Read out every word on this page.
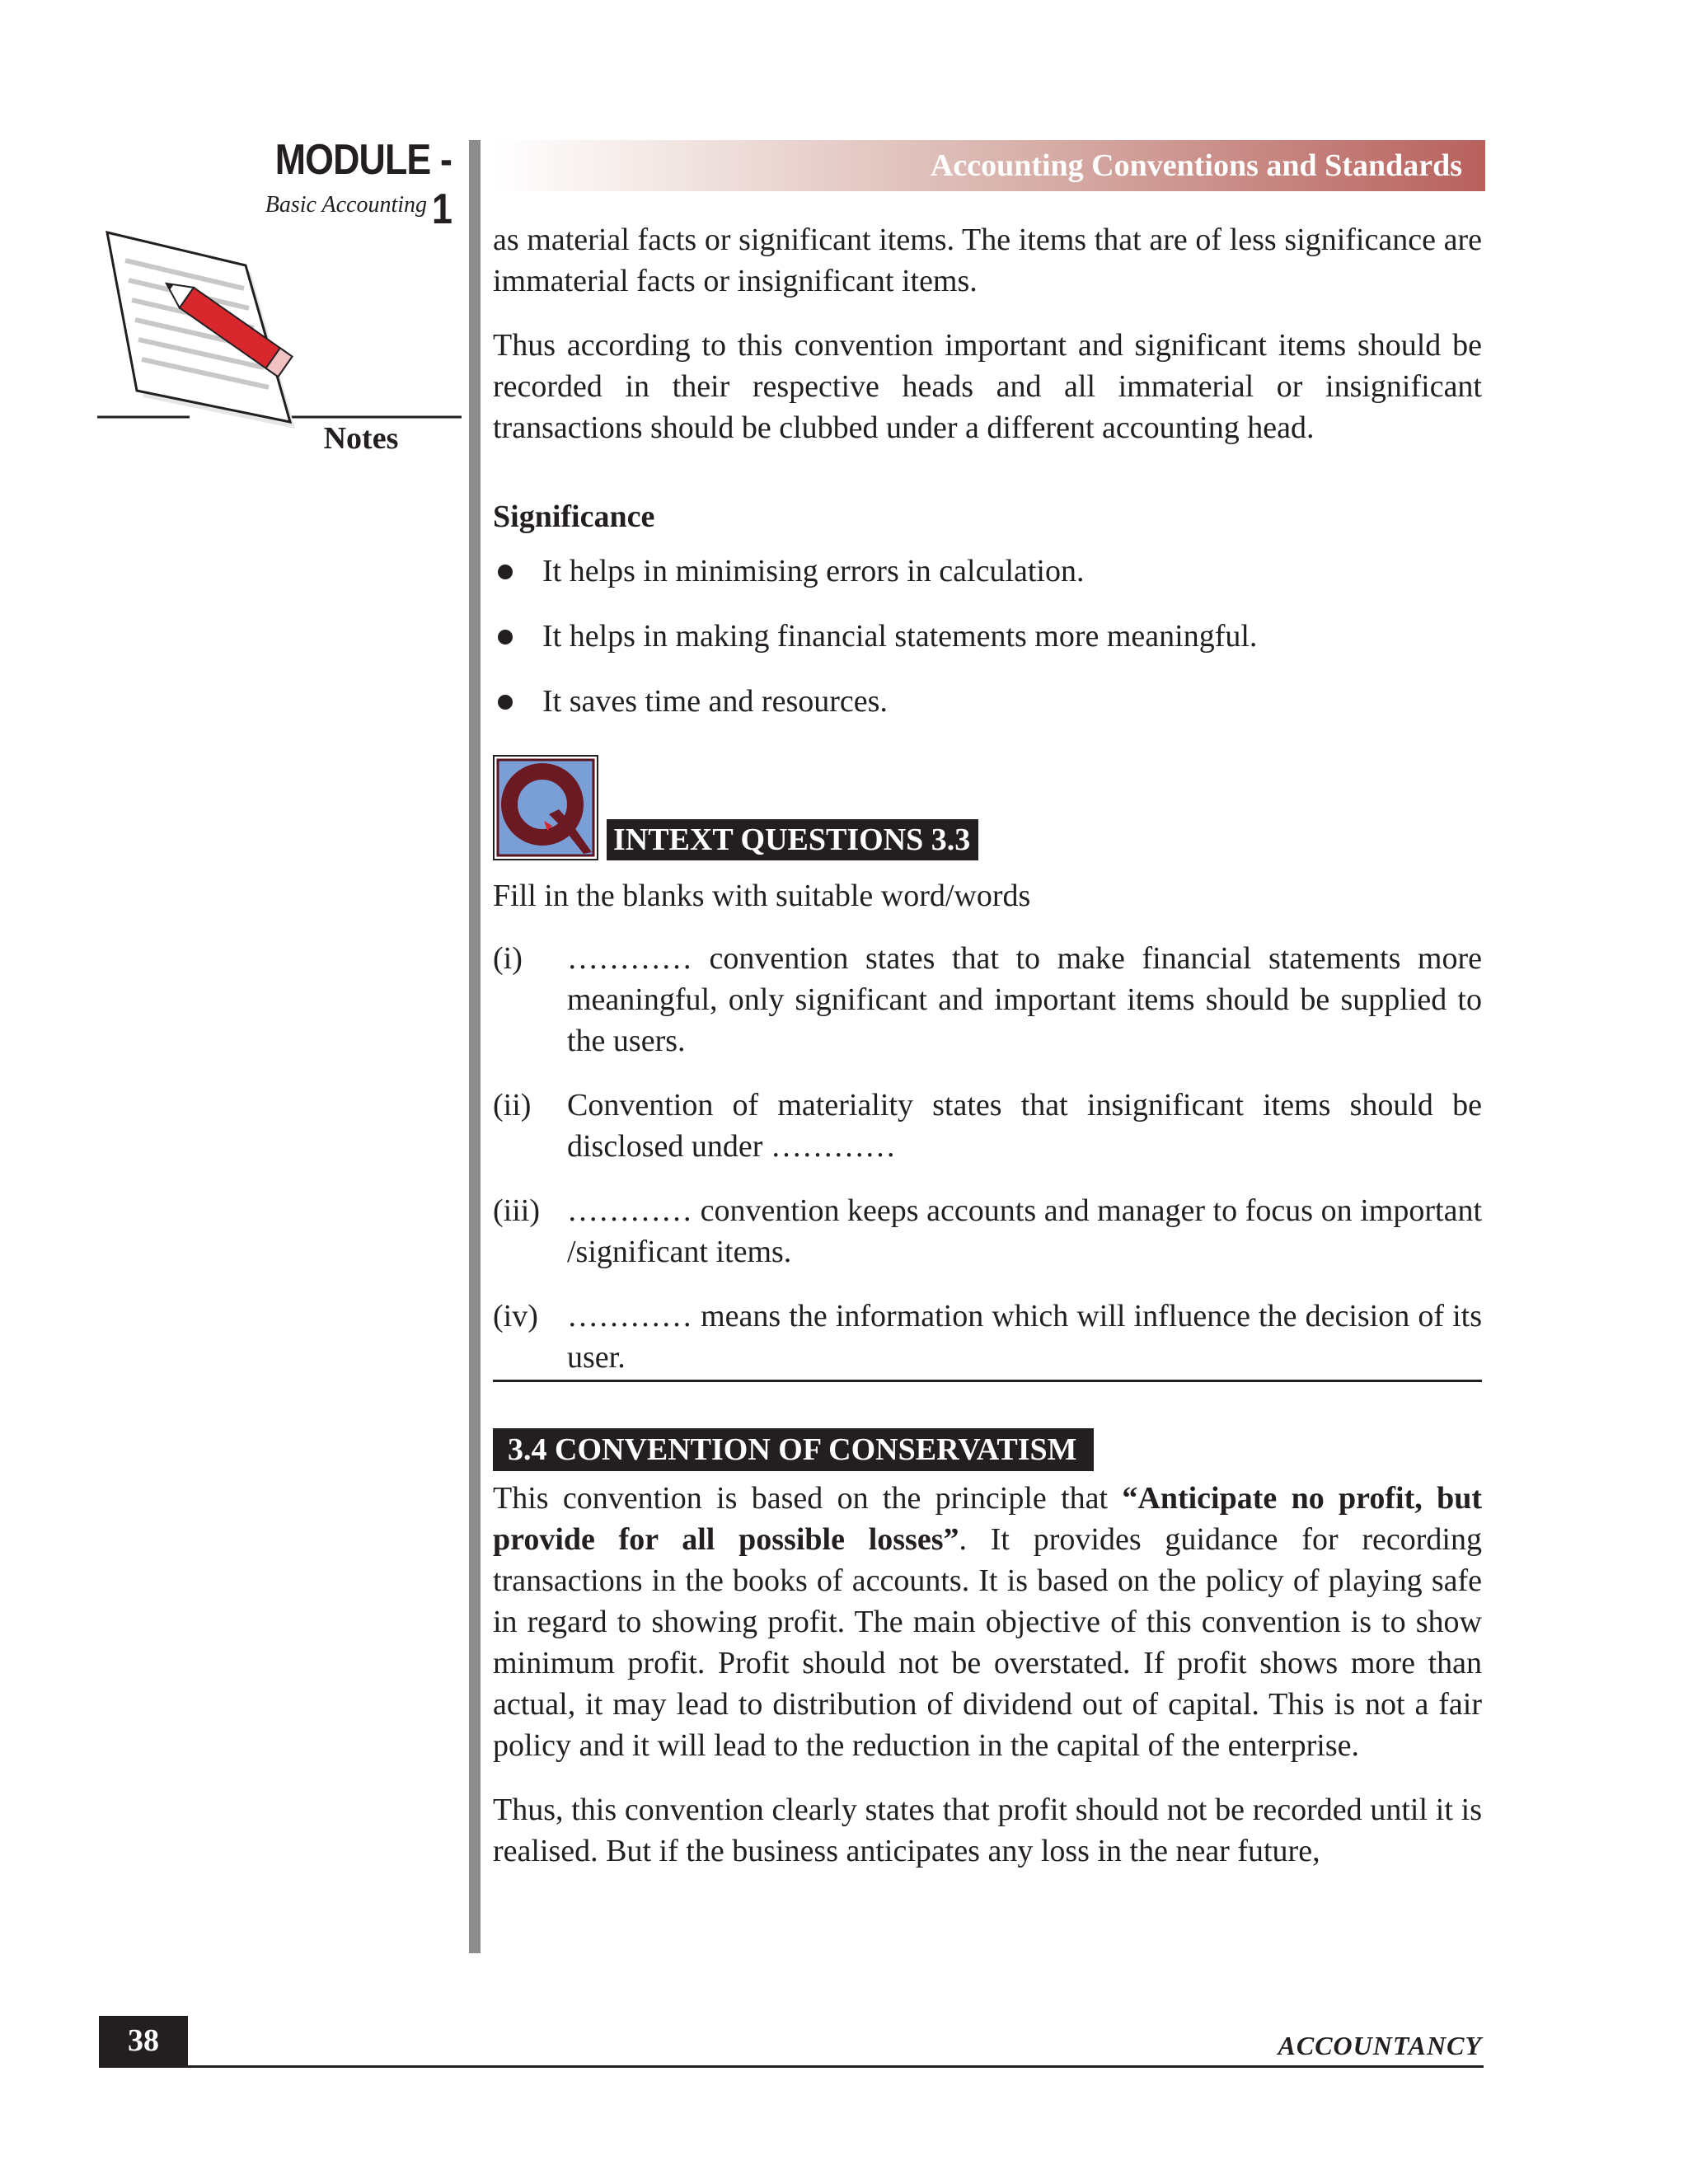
MODULE - 1
Basic Accounting
Notes
Accounting Conventions and Standards

as material facts or significant items. The items that are of less significance are immaterial facts or insignificant items.

Thus according to this convention important and significant items should be recorded in their respective heads and all immaterial or insignificant transactions should be clubbed under a different accounting head.

Significance
It helps in minimising errors in calculation.
It helps in making financial statements more meaningful.
It saves time and resources.
INTEXT QUESTIONS 3.3
Fill in the blanks with suitable word/words
(i) ………… convention states that to make financial statements more meaningful, only significant and important items should be supplied to the users.
(ii) Convention of materiality states that insignificant items should be disclosed under …………
(iii) ………… convention keeps accounts and manager to focus on important /significant items.
(iv) ………… means the information which will influence the decision of its user.
3.4 CONVENTION OF CONSERVATISM

This convention is based on the principle that “Anticipate no profit, but provide for all possible losses”. It provides guidance for recording transactions in the books of accounts. It is based on the policy of playing safe in regard to showing profit. The main objective of this convention is to show minimum profit. Profit should not be overstated. If profit shows more than actual, it may lead to distribution of dividend out of capital. This is not a fair policy and it will lead to the reduction in the capital of the enterprise.

Thus, this convention clearly states that profit should not be recorded until it is realised. But if the business anticipates any loss in the near future,

38	ACCOUNTANCY
